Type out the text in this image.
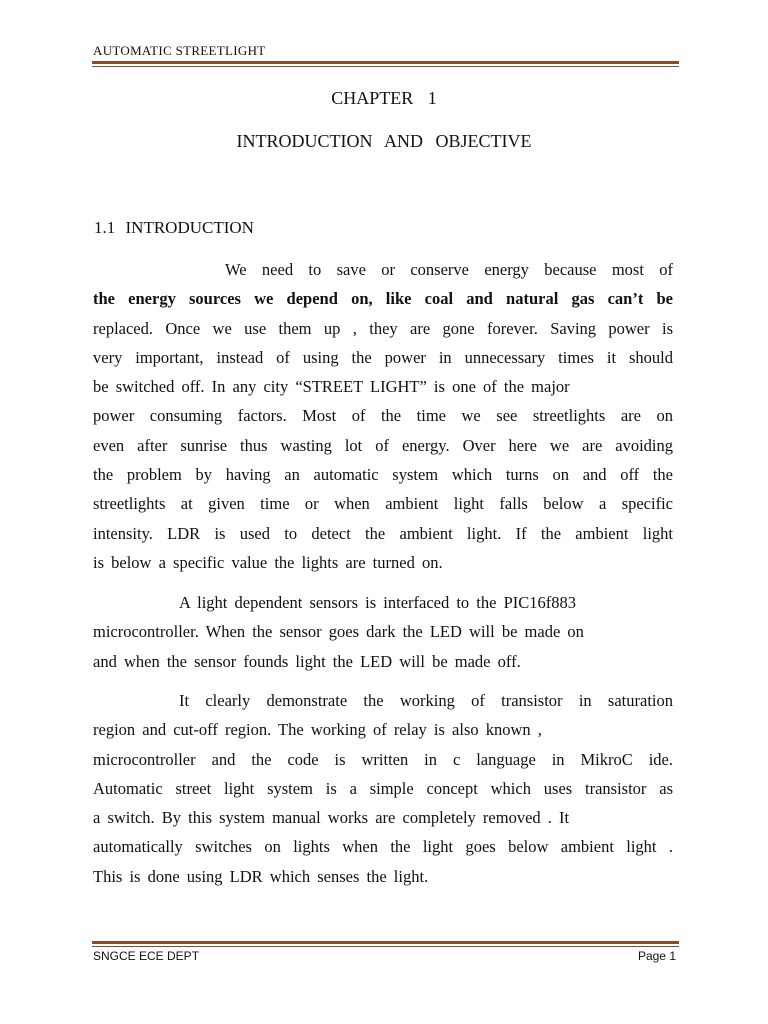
AUTOMATIC STREETLIGHT
CHAPTER 1
INTRODUCTION AND OBJECTIVE
1.1 INTRODUCTION
We need to save or conserve energy because most of
the energy sources we depend on, like coal and natural gas can’t be
replaced. Once we use them up , they are gone forever. Saving power is
very important, instead of using the power in unnecessary times it should
be switched off. In any city “STREET LIGHT” is one of the major
power consuming factors. Most of the time we see streetlights are on
even after sunrise thus wasting lot of energy. Over here we are avoiding
the problem by having an automatic system which turns on and off the
streetlights at given time or when ambient light falls below a specific
intensity. LDR is used to detect the ambient light. If the ambient light
is below a specific value the lights are turned on.
A light dependent sensors is interfaced to the PIC16f883
microcontroller. When the sensor goes dark the LED will be made on
and when the sensor founds light the LED will be made off.
It clearly demonstrate the working of transistor in saturation
region and cut-off region. The working of relay is also known ,
microcontroller and the code is written in c language in MikroC ide.
Automatic street light system is a simple concept which uses transistor as
a switch. By this system manual works are completely removed . It
automatically switches on lights when the light goes below ambient light .
This is done using LDR which senses the light.
SNGCE ECE DEPT	Page 1
